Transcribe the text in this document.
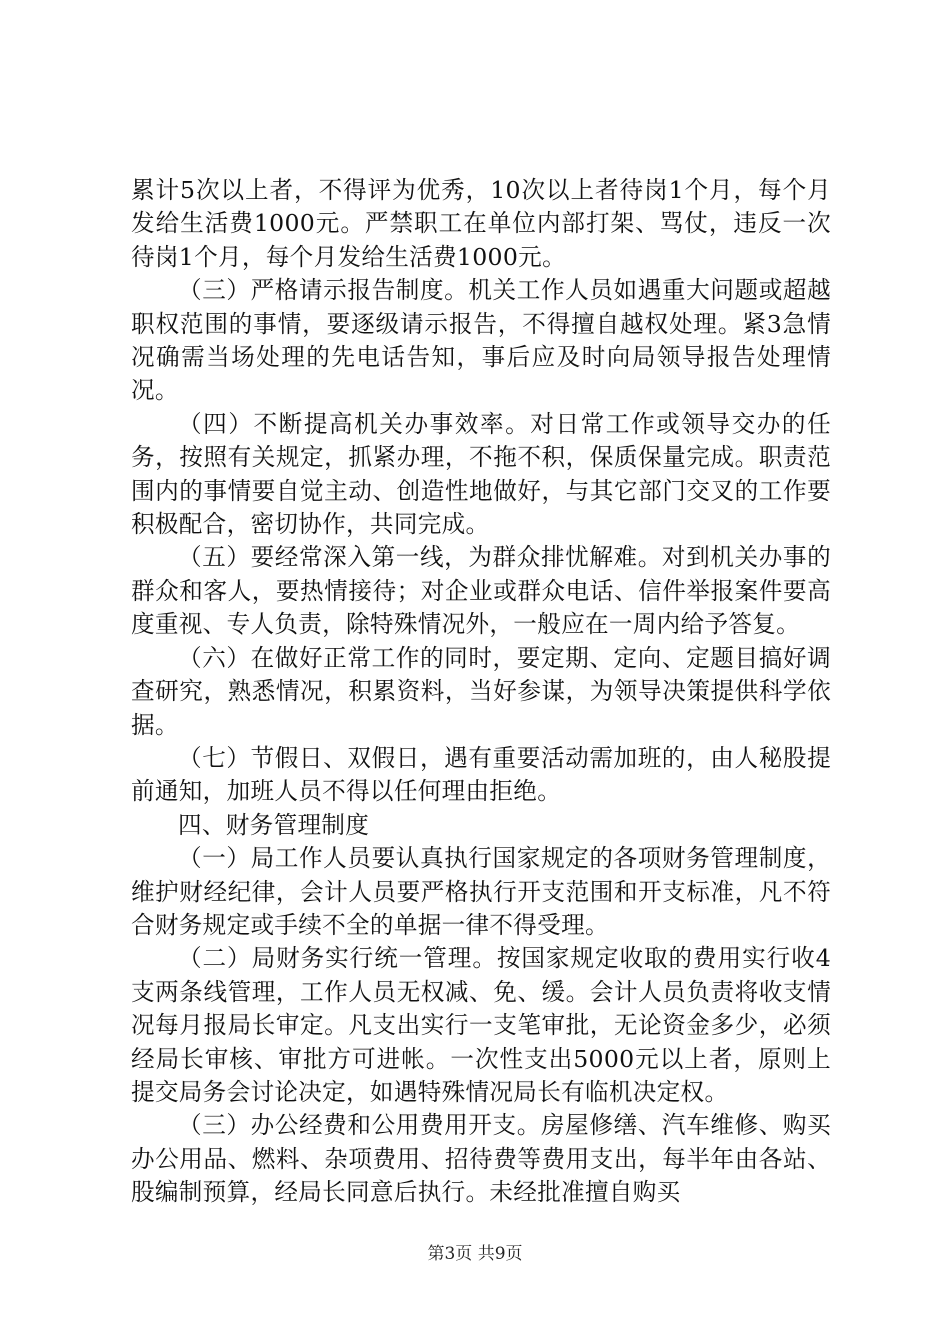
累计5次以上者，不得评为优秀，10次以上者待岗1个月，每个月发给生活费1000元。严禁职工在单位内部打架、骂仗，违反一次待岗1个月，每个月发给生活费1000元。

（三）严格请示报告制度。机关工作人员如遇重大问题或超越职权范围的事情，要逐级请示报告，不得擅自越权处理。紧3急情况确需当场处理的先电话告知，事后应及时向局领导报告处理情况。

（四）不断提高机关办事效率。对日常工作或领导交办的任务，按照有关规定，抓紧办理，不拖不积，保质保量完成。职责范围内的事情要自觉主动、创造性地做好，与其它部门交叉的工作要积极配合，密切协作，共同完成。

（五）要经常深入第一线，为群众排忧解难。对到机关办事的群众和客人，要热情接待；对企业或群众电话、信件举报案件要高度重视、专人负责，除特殊情况外，一般应在一周内给予答复。

（六）在做好正常工作的同时，要定期、定向、定题目搞好调查研究，熟悉情况，积累资料，当好参谋，为领导决策提供科学依据。

（七）节假日、双假日，遇有重要活动需加班的，由人秘股提前通知，加班人员不得以任何理由拒绝。

四、财务管理制度

（一）局工作人员要认真执行国家规定的各项财务管理制度，维护财经纪律，会计人员要严格执行开支范围和开支标准，凡不符合财务规定或手续不全的单据一律不得受理。

（二）局财务实行统一管理。按国家规定收取的费用实行收4支两条线管理，工作人员无权减、免、缓。会计人员负责将收支情况每月报局长审定。凡支出实行一支笔审批，无论资金多少，必须经局长审核、审批方可进帐。一次性支出5000元以上者，原则上提交局务会讨论决定，如遇特殊情况局长有临机决定权。

（三）办公经费和公用费用开支。房屋修缮、汽车维修、购买办公用品、燃料、杂项费用、招待费等费用支出，每半年由各站、股编制预算，经局长同意后执行。未经批准擅自购买

第3页 共9页
